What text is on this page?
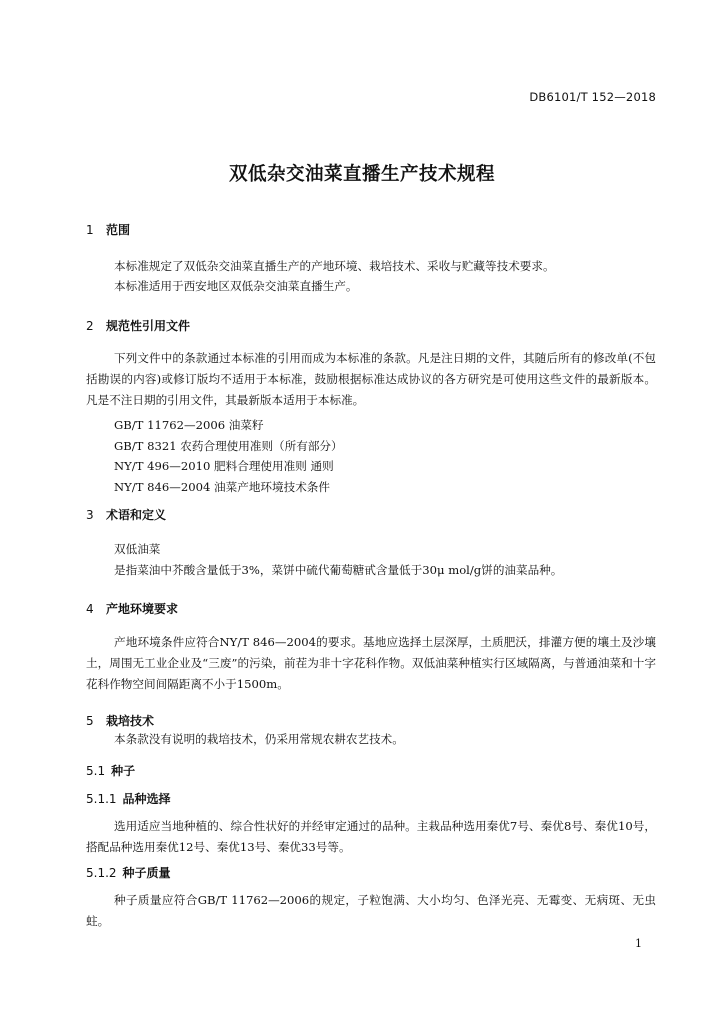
DB6101/T 152—2018
双低杂交油菜直播生产技术规程
1 范围
本标准规定了双低杂交油菜直播生产的产地环境、栽培技术、采收与贮藏等技术要求。
本标准适用于西安地区双低杂交油菜直播生产。
2 规范性引用文件
下列文件中的条款通过本标准的引用而成为本标准的条款。凡是注日期的文件，其随后所有的修改单(不包括勘误的内容)或修订版均不适用于本标准，鼓励根据标准达成协议的各方研究是可使用这些文件的最新版本。凡是不注日期的引用文件，其最新版本适用于本标准。
GB/T 11762—2006 油菜籽
GB/T 8321 农药合理使用准则（所有部分）
NY/T 496—2010 肥料合理使用准则 通则
NY/T 846—2004 油菜产地环境技术条件
3 术语和定义
双低油菜
是指菜油中芥酸含量低于3%，菜饼中硫代葡萄糖甙含量低于30μ mol/g饼的油菜品种。
4 产地环境要求
产地环境条件应符合NY/T 846—2004的要求。基地应选择土层深厚，土质肥沃，排灌方便的壤土及沙壤土，周围无工业企业及“三废”的污染，前茬为非十字花科作物。双低油菜种植实行区域隔离，与普通油菜和十字花科作物空间间隔距离不小于1500m。
5 栽培技术
本条款没有说明的栽培技术，仍采用常规农耕农艺技术。
5.1 种子
5.1.1 品种选择
选用适应当地种植的、综合性状好的并经审定通过的品种。主栽品种选用秦优7号、秦优8号、秦优10号，搭配品种选用秦优12号、秦优13号、秦优33号等。
5.1.2 种子质量
种子质量应符合GB/T 11762—2006的规定，子粒饱满、大小均匀、色泽光亮、无霉变、无病斑、无虫蛀。
1
